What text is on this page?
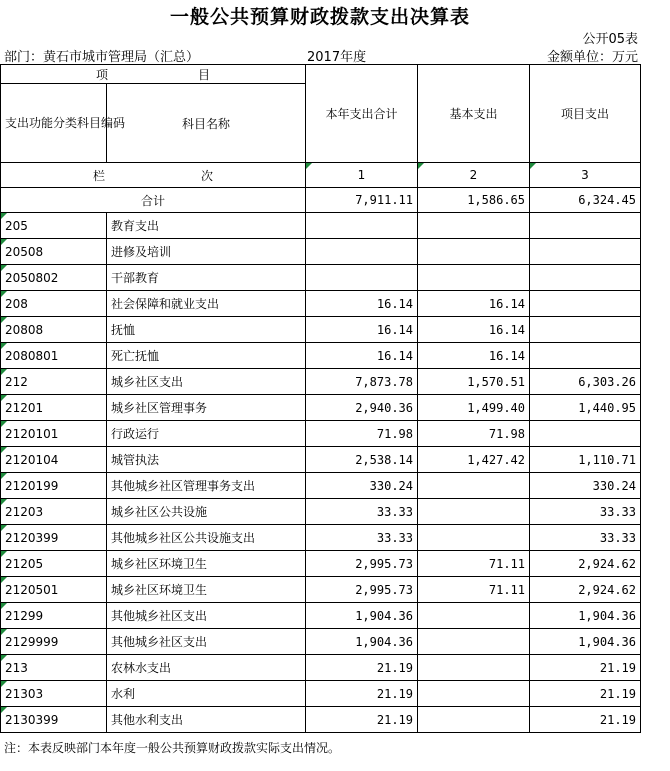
一般公共预算财政拨款支出决算表
公开05表
部门：黄石市城市管理局（汇总）	2017年度	金额单位：万元
项 目		本年支出合计	基本支出	项目支出
支出功能分类科目编码	科目名称			
栏 次		1	2	3
合计		7,911.11	1,586.65	6,324.45

205	教育支出			

20508	进修及培训			

2050802	干部教育			

208	社会保障和就业支出	16.14	16.14	

20808	抚恤	16.14	16.14	

2080801	死亡抚恤	16.14	16.14	

212	城乡社区支出	7,873.78	1,570.51	6,303.26

21201	城乡社区管理事务	2,940.36	1,499.40	1,440.95

2120101	行政运行	71.98	71.98	

2120104	城管执法	2,538.14	1,427.42	1,110.71

2120199	其他城乡社区管理事务支出	330.24		330.24

21203	城乡社区公共设施	33.33		33.33

2120399	其他城乡社区公共设施支出	33.33		33.33

21205	城乡社区环境卫生	2,995.73	71.11	2,924.62

2120501	城乡社区环境卫生	2,995.73	71.11	2,924.62

21299	其他城乡社区支出	1,904.36		1,904.36

2129999	其他城乡社区支出	1,904.36		1,904.36

213	农林水支出	21.19		21.19

21303	水利	21.19		21.19

2130399	其他水利支出	21.19		21.19
注：本表反映部门本年度一般公共预算财政拨款实际支出情况。
